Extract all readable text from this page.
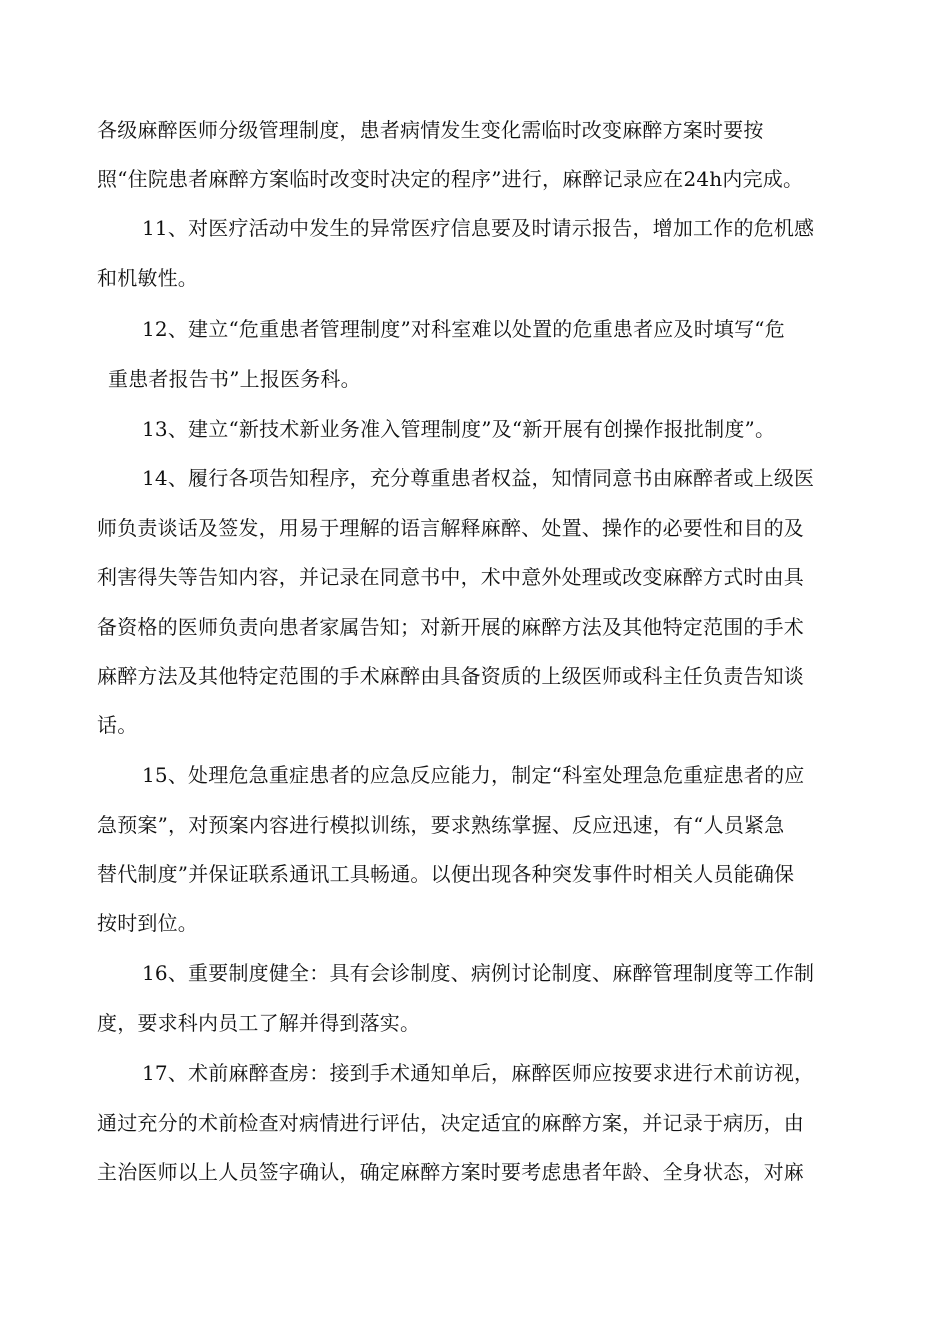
各级麻醉医师分级管理制度，患者病情发生变化需临时改变麻醉方案时要按
照“住院患者麻醉方案临时改变时决定的程序”进行，麻醉记录应在24h内完成。
11、对医疗活动中发生的异常医疗信息要及时请示报告，增加工作的危机感
和机敏性。
12、建立“危重患者管理制度”对科室难以处置的危重患者应及时填写“危
重患者报告书”上报医务科。
13、建立“新技术新业务准入管理制度”及“新开展有创操作报批制度”。
14、履行各项告知程序，充分尊重患者权益，知情同意书由麻醉者或上级医
师负责谈话及签发，用易于理解的语言解释麻醉、处置、操作的必要性和目的及
利害得失等告知内容，并记录在同意书中，术中意外处理或改变麻醉方式时由具
备资格的医师负责向患者家属告知；对新开展的麻醉方法及其他特定范围的手术
麻醉方法及其他特定范围的手术麻醉由具备资质的上级医师或科主任负责告知谈
话。
15、处理危急重症患者的应急反应能力，制定“科室处理急危重症患者的应
急预案”，对预案内容进行模拟训练，要求熟练掌握、反应迅速，有“人员紧急
替代制度”并保证联系通讯工具畅通。以便出现各种突发事件时相关人员能确保
按时到位。
16、重要制度健全：具有会诊制度、病例讨论制度、麻醉管理制度等工作制
度，要求科内员工了解并得到落实。
17、术前麻醉查房：接到手术通知单后，麻醉医师应按要求进行术前访视，
通过充分的术前检查对病情进行评估，决定适宜的麻醉方案，并记录于病历，由
主治医师以上人员签字确认，确定麻醉方案时要考虑患者年龄、全身状态，对麻
